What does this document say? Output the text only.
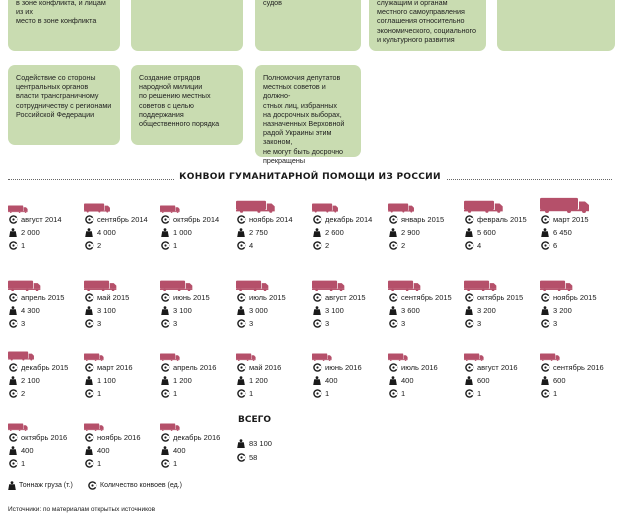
в зоне конфликта, и лицам из их
место в зоне конфликта
судов	служащим и органам
местного самоуправления
соглашения относительно
экономического, социального
и культурного развития
Содействие со стороны
центральных органов
власти трансграничному
сотрудничеству с регионами
Российской Федерации
Создание отрядов
народной милиции
по решению местных
советов с целью поддержания
общественного порядка
Полномочия депутатов
местных советов и должно-
стных лиц, избранных
на досрочных выборах,
назначенных Верховной
радой Украины этим законом,
не могут быть досрочно
прекращены
КОНВОИ ГУМАНИТАРНОЙ ПОМОЩИ ИЗ РОССИИ
август 2014
2 000
1
сентябрь 2014
4 000
2
октябрь 2014
1 000
1
ноябрь 2014
2 750
4
декабрь 2014
2 600
2
январь 2015
2 900
2
февраль 2015
5 600
4
март 2015
6 450
6
апрель 2015
4 300
3
май 2015
3 100
3
июнь 2015
3 100
3
июль 2015
3 000
3
август 2015
3 100
3
сентябрь 2015
3 600
3
октябрь 2015
3 200
3
ноябрь 2015
3 200
3
декабрь 2015
2 100
2
март 2016
1 100
1
апрель 2016
1 200
1
май 2016
1 200
1
июнь 2016
400
1
июль 2016
400
1
август 2016
600
1
сентябрь 2016
600
1
октябрь 2016
400
1
ноябрь 2016
400
1
декабрь 2016
400
1
ВСЕГО
83 100
58
Тоннаж груза (т.)	Количество конвоев (ед.)
Источники: по материалам открытых источников
